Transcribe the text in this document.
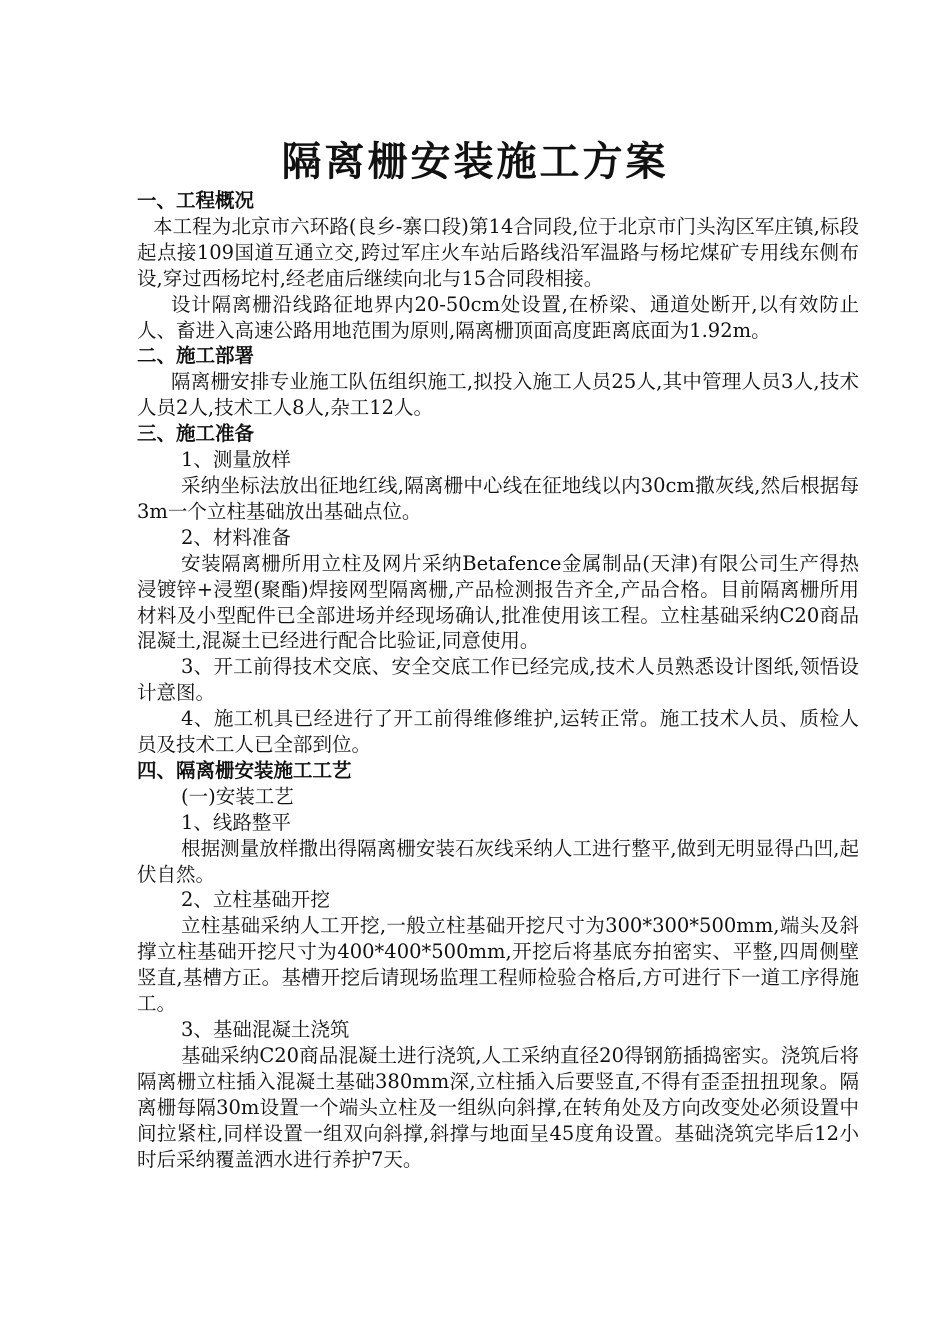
隔离栅安装施工方案

一、工程概况

本工程为北京市六环路(良乡-寨口段)第14合同段,位于北京市门头沟区军庄镇,标段起点接109国道互通立交,跨过军庄火车站后路线沿军温路与杨坨煤矿专用线东侧布设,穿过西杨坨村,经老庙后继续向北与15合同段相接。

设计隔离栅沿线路征地界内20-50cm处设置,在桥梁、通道处断开,以有效防止人、畜进入高速公路用地范围为原则,隔离栅顶面高度距离底面为1.92m。

二、施工部署

隔离栅安排专业施工队伍组织施工,拟投入施工人员25人,其中管理人员3人,技术人员2人,技术工人8人,杂工12人。

三、施工准备

1、测量放样

采纳坐标法放出征地红线,隔离栅中心线在征地线以内30cm撒灰线,然后根据每3m一个立柱基础放出基础点位。

2、材料准备

安装隔离栅所用立柱及网片采纳Betafence金属制品(天津)有限公司生产得热浸镀锌+浸塑(聚酯)焊接网型隔离栅,产品检测报告齐全,产品合格。目前隔离栅所用材料及小型配件已全部进场并经现场确认,批准使用该工程。立柱基础采纳C20商品混凝土,混凝土已经进行配合比验证,同意使用。

3、开工前得技术交底、安全交底工作已经完成,技术人员熟悉设计图纸,领悟设计意图。

4、施工机具已经进行了开工前得维修维护,运转正常。施工技术人员、质检人员及技术工人已全部到位。

四、隔离栅安装施工工艺

(一)安装工艺

1、线路整平

根据测量放样撒出得隔离栅安装石灰线采纳人工进行整平,做到无明显得凸凹,起伏自然。

2、立柱基础开挖

立柱基础采纳人工开挖,一般立柱基础开挖尺寸为300*300*500mm,端头及斜撑立柱基础开挖尺寸为400*400*500mm,开挖后将基底夯拍密实、平整,四周侧壁竖直,基槽方正。基槽开挖后请现场监理工程师检验合格后,方可进行下一道工序得施工。

3、基础混凝土浇筑

基础采纳C20商品混凝土进行浇筑,人工采纳直径20得钢筋插捣密实。浇筑后将隔离栅立柱插入混凝土基础380mm深,立柱插入后要竖直,不得有歪歪扭扭现象。隔离栅每隔30m设置一个端头立柱及一组纵向斜撑,在转角处及方向改变处必须设置中间拉紧柱,同样设置一组双向斜撑,斜撑与地面呈45度角设置。基础浇筑完毕后12小时后采纳覆盖洒水进行养护7天。
